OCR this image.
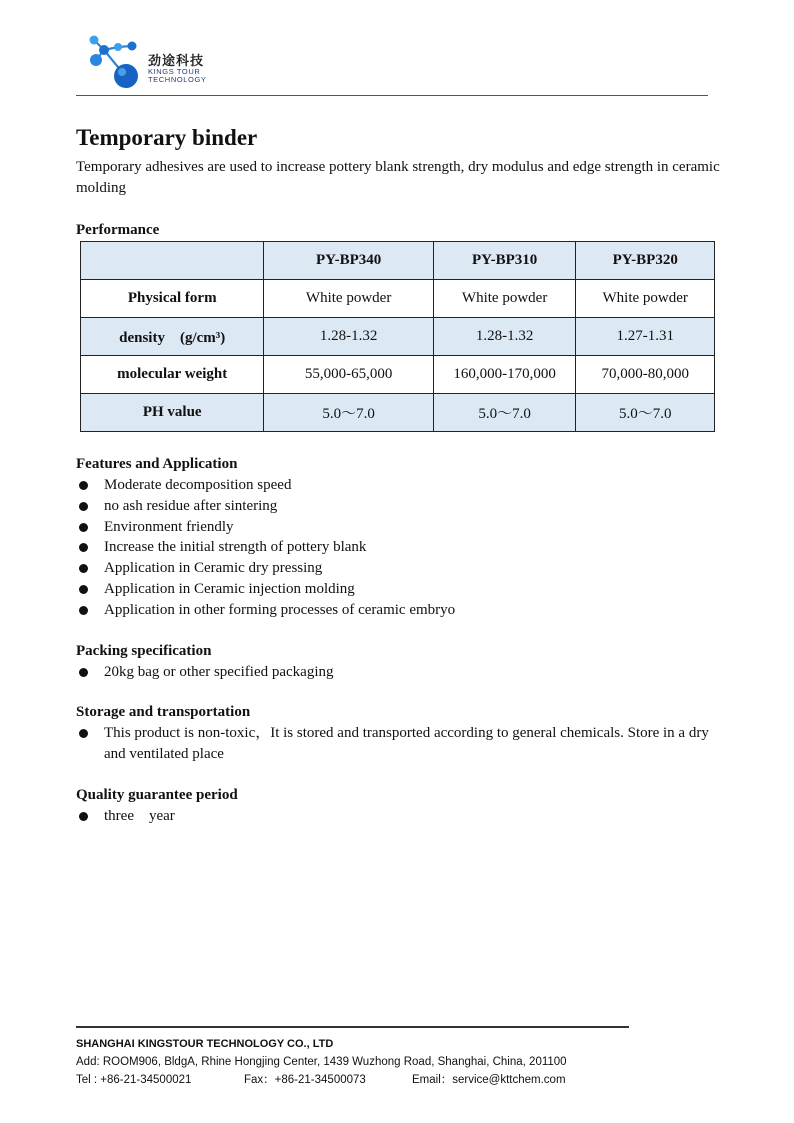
劲途科技
KINGS TOUR
TECHNOLOGY
Temporary binder

Temporary adhesives are used to increase pottery blank strength, dry modulus and edge strength in ceramic molding

Performance

	PY-BP340	PY-BP310	PY-BP320
Physical form	White powder	White powder	White powder
density　(g/cm³)	1.28-1.32	1.28-1.32	1.27-1.31
molecular weight	55,000-65,000	160,000-170,000	70,000-80,000
PH value	5.0～7.0	5.0～7.0	5.0～7.0

Features and Application

Moderate decomposition speed
no ash residue after sintering
Environment friendly
Increase the initial strength of pottery blank
Application in Ceramic dry pressing
Application in Ceramic injection molding
Application in other forming processes of ceramic embryo

Packing specification

20kg bag or other specified packaging

Storage and transportation

This product is non-toxic，It is stored and transported according to general chemicals. Store in a dry and ventilated place

Quality guarantee period

three　year
SHANGHAI KINGSTOUR TECHNOLOGY CO., LTD
Add: ROOM906, BldgA, Rhine Hongjing Center, 1439 Wuzhong Road, Shanghai, China, 201100
Tel : +86-21-34500021	Fax：+86-21-34500073	Email：service@kttchem.com
